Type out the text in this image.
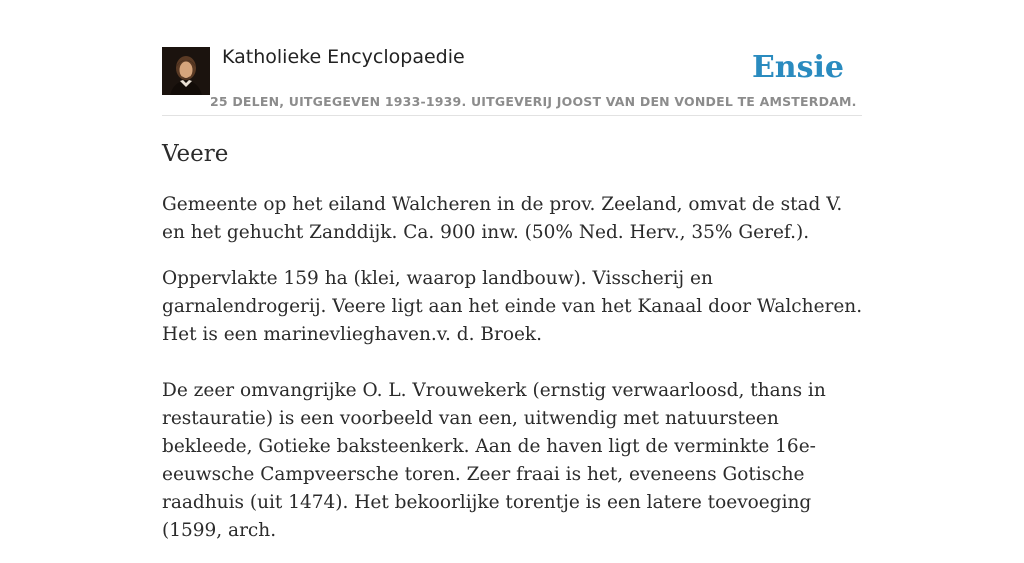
Katholieke Encyclopaedie
25 DELEN, UITGEGEVEN 1933-1939. UITGEVERIJ JOOST VAN DEN VONDEL TE AMSTERDAM.
Ensie
Veere

Gemeente op het eiland Walcheren in de prov. Zeeland, omvat de stad V. en het gehucht Zanddijk. Ca. 900 inw. (50% Ned. Herv., 35% Geref.).

Oppervlakte 159 ha (klei, waarop landbouw). Visscherij en garnalendrogerij. Veere ligt aan het einde van het Kanaal door Walcheren. Het is een marinevlieghaven.v. d. Broek.

De zeer omvangrijke O. L. Vrouwekerk (ernstig verwaarloosd, thans in restauratie) is een voorbeeld van een, uitwendig met natuursteen bekleede, Gotieke baksteenkerk. Aan de haven ligt de verminkte 16e-eeuwsche Campveersche toren. Zeer fraai is het, eveneens Gotische raadhuis (uit 1474). Het bekoorlijke torentje is een latere toevoeging (1599, arch.
